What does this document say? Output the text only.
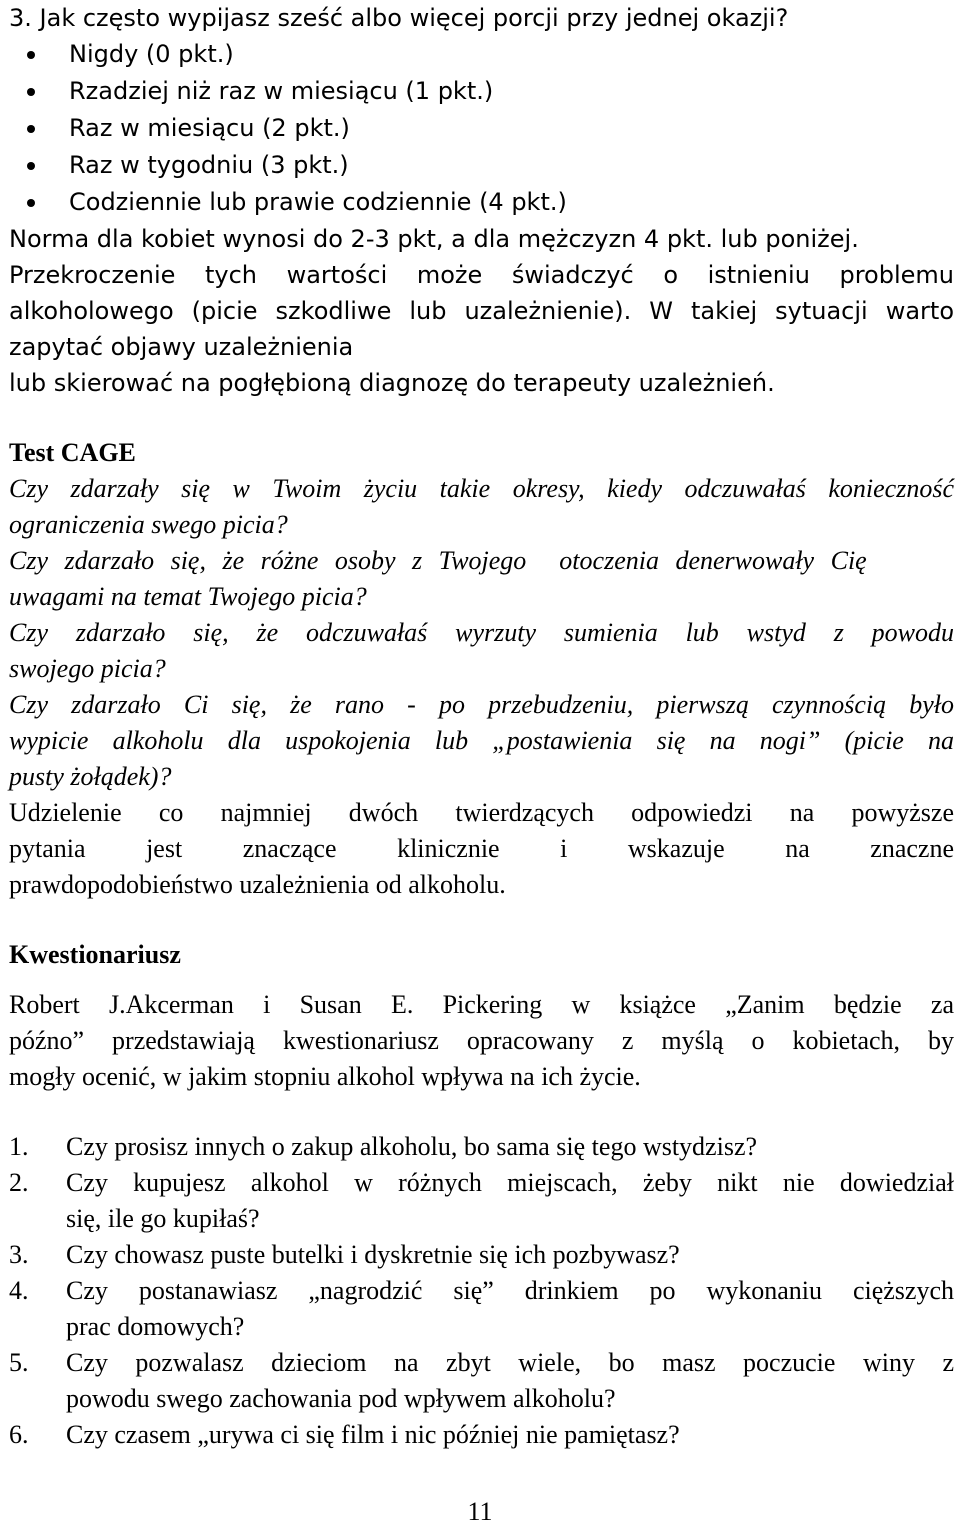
3. Jak często wypijasz sześć albo więcej porcji przy jednej okazji?

Nigdy (0 pkt.)
Rzadziej niż raz w miesiącu (1 pkt.)
Raz w miesiącu (2 pkt.)
Raz w tygodniu (3 pkt.)
Codziennie lub prawie codziennie (4 pkt.)

Norma dla kobiet wynosi do 2-3 pkt, a dla mężczyzn 4 pkt. lub poniżej.

Przekroczenie tych wartości może świadczyć o istnieniu problemu

alkoholowego (picie szkodliwe lub uzależnienie). W takiej sytuacji warto

zapytać objawy uzależnienia

lub skierować na pogłębioną diagnozę do terapeuty uzależnień.

Test CAGE

Czy zdarzały się w Twoim życiu takie okresy, kiedy odczuwałaś konieczność

ograniczenia swego picia?

Czy zdarzało się, że różne osoby z Twojego  otoczenia denerwowały Cię

uwagami na temat Twojego picia?

Czy zdarzało się, że odczuwałaś wyrzuty sumienia lub wstyd z powodu

swojego picia?

Czy zdarzało Ci się, że rano - po przebudzeniu, pierwszą czynnością było

wypicie alkoholu dla uspokojenia lub „postawienia się na nogi” (picie na

pusty żołądek)?

Udzielenie co najmniej dwóch twierdzących odpowiedzi na powyższe

pytania jest znaczące klinicznie i wskazuje na znaczne

prawdopodobieństwo uzależnienia od alkoholu.

Kwestionariusz

Robert J.Akcerman i Susan E. Pickering w książce „Zanim będzie za

późno” przedstawiają kwestionariusz opracowany z myślą o kobietach, by

mogły ocenić, w jakim stopniu alkohol wpływa na ich życie.

1. Czy prosisz innych o zakup alkoholu, bo sama się tego wstydzisz?

2. Czy kupujesz alkohol w różnych miejscach, żeby nikt nie dowiedział

się, ile go kupiłaś?

3. Czy chowasz puste butelki i dyskretnie się ich pozbywasz?

4. Czy postanawiasz „nagrodzić się” drinkiem po wykonaniu cięższych

prac domowych?

5. Czy pozwalasz dzieciom na zbyt wiele, bo masz poczucie winy z

powodu swego zachowania pod wpływem alkoholu?

6. Czy czasem „urywa ci się film i nic później nie pamiętasz?

11
